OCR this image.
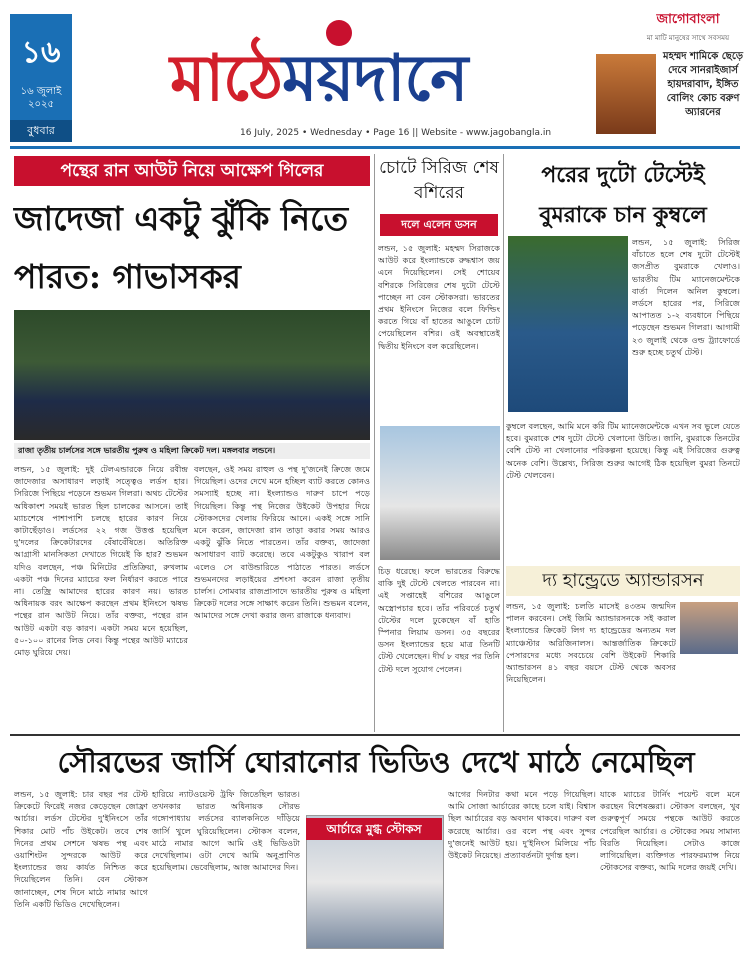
১৬
১৬ জুলাই ২০২৫
বুধবার
মাঠেময়দানে
16 July, 2025 • Wednesday • Page 16 || Website - www.jagobangla.in
জাগোবাংলা
মা মাটি মানুষের সাথে সবসময়
মহম্মদ শামিকে ছেড়ে দেবে সানরাইজার্স হায়দরাবাদ, ইঙ্গিত বোলিং কোচ বরুণ অ্যারনের
পন্থের রান আউট নিয়ে আক্ষেপ গিলের
জাদেজা একটু ঝুঁকি নিতে পারত: গাভাসকর
রাজা তৃতীয় চার্লসের সঙ্গে ভারতীয় পুরুষ ও মহিলা ক্রিকেট দল। মঙ্গলবার লন্ডনে।
লন্ডন, ১৫ জুলাই: দুই টেলএন্ডারকে নিয়ে রবীন্দ্র জাদেজার অসাধারণ লড়াই সত্ত্বেও লর্ডস হার। সিরিজে পিছিয়ে পড়েনে শুভমন গিলরা। অথচ টেস্টের অধিকাংশ সময়ই ভারত ছিল চালকের আসনে। তাই ম্যাচশেষে পাশাপাশি চলছে হারের কারণ নিয়ে কাটাছেঁড়াও। লর্ডসের ২২ গজ উত্তপ্ত হয়েছিল দু'দলের ক্রিকেটারদের বেঁষাবেঁষিতে। অতিরিক্ত আগ্রাসী মানসিকতা দেখাতে গিয়েই কি হার? শুভমন যদিও বলছেন, পঞ্চ মিনিটের প্রতিক্রিয়া, রুখলাম একটা পঞ্চ দিনের ম্যাচের ফল নির্ধারণ করতে পারে না। তেজ্রি আমাদের হারের কারণ নয়। ভারত অধিনায়ক বরং আক্ষেপ করছেন প্রথম ইনিংসে ঋষভ পন্থের রান আউট নিয়ে। তাঁর বক্তব্য, পন্থের রান আউট একটা বড় কারণ। একটা সময় মনে হয়েছিল, ৫০-১০০ রানের লিড নেব। কিন্তু পন্থের আউট ম্যাচের মোড় ঘুরিয়ে দেয়।
বলছেন, ওই সময় রাহুল ও পন্থ দু'জনেই ক্রিজে জমে গিয়েছিল। ওদের দেখে মনে হচ্ছিল ব্যাট করতে কোনও সমস্যাই হচ্ছে না। ইংল্যান্ডও দারুণ চাপে পড়ে গিয়েছিল। কিন্তু পন্থ নিজের উইকেট উপহার দিয়ে স্টোকসদের খেলায় ফিরিয়ে আনে। একই সঙ্গে সানি মনে করেন, জাদেজা রান তাড়া করার সময় আরও একটু ঝুঁকি নিতে পারতেন। তাঁর বক্তব্য, জাদেজা অসাধারণ ব্যাট করেছে। তবে একটুকুও খারাপ বল এলেও সে বাউন্ডারিতে পাঠাতে পারত। লর্ডসে শুভমনদের লড়াইয়ের প্রশংসা করেন রাজা তৃতীয় চার্লস। সোমবার রাজপ্রাসাদে ভারতীয় পুরুষ ও মহিলা ক্রিকেট দলের সঙ্গে সাক্ষাৎ করেন তিনি। শুভমন বলেন, আমাদের সঙ্গে দেখা করার জন্য রাজাকে ধন্যবাদ।
চোটে সিরিজ শেষ বশিরের
দলে এলেন ডসন
লন্ডন, ১৫ জুলাই: মহম্মদ সিরাজকে আউট করে ইংল্যান্ডকে রুদ্ধশ্বাস জয় এনে দিয়েছিলেন। সেই শোয়েব বশিরকে সিরিজের শেষ দুটো টেস্টে পাচ্ছেন না বেন স্টোকসরা। ভারতের প্রথম ইনিংসে নিজের বলে ফিল্ডিং করতে গিয়ে বাঁ হাতের আঙুলে চোট পেয়েছিলেন বশির। ওই অবস্থাতেই দ্বিতীয় ইনিংসে বল করেছিলেন।
চিড় ধরেছে। ফলে ভারতের বিরুদ্ধে বাকি দুই টেস্টে খেলতে পারবেন না। এই সপ্তাহেই বশিরের আঙুলে অস্ত্রোপচার হবে। তাঁর পরিবর্তে চতুর্থ টেস্টের দলে ঢুকেছেন বাঁ হাতি স্পিনার লিয়াম ডসন। ৩৫ বছরের ডসন ইংল্যান্ডের হয়ে মাত্র তিনটি টেস্ট খেলেছেন। দীর্ঘ ৮ বছর পর তিনি টেস্ট দলে সুযোগ পেলেন।
পরের দুটো টেস্টেই বুমরাকে চান কুম্বলে
লন্ডন, ১৫ জুলাই: সিরিজ বাঁচাতে হলে শেষ দুটো টেস্টেই জসপ্রীত বুমরাকে খেলাও। ভারতীয় টিম ম্যানেজমেন্টকে বার্তা দিলেন অনিল কুম্বলে। লর্ডসে হারের পর, সিরিজে আপাতত ১-২ ব্যবধানে পিছিয়ে পড়েছেন শুভমন গিলরা। আগামী ২৩ জুলাই থেকে ওল্ড ট্র্যাফোর্ডে শুরু হচ্ছে চতুর্থ টেস্ট।
কুম্বলে বলছেন, আমি মনে করি টিম ম্যানেজমেন্টকে এখন সব ভুলে যেতে হবে। বুমরাকে শেষ দুটো টেস্টে খেলানো উচিত। জানি, বুমরাকে তিনটের বেশি টেস্ট না খেলানোর পরিকল্পনা হয়েছে। কিন্তু এই সিরিজের গুরুত্ব অনেক বেশি। উল্লেখ্য, সিরিজ শুরুর আগেই ঠিক হয়েছিল বুমরা তিনটে টেস্ট খেলবেন।
দ্য হান্ড্রেডে অ্যান্ডারসন
লন্ডন, ১৫ জুলাই: চলতি মাসেই ৪৩তম জন্মদিন পালন করবেন। সেই জিমি অ্যান্ডারসনকে সই করাল ইংল্যান্ডের ক্রিকেট লিগ দ্য হান্ড্রেডের অন্যতম দল ম্যাঞ্চেস্টার অরিজিনালস। আন্তর্জাতিক ক্রিকেটে পেসারদের মধ্যে সবচেয়ে বেশি উইকেট শিকারি অ্যান্ডারসন ৪১ বছর বয়সে টেস্ট থেকে অবসর নিয়েছিলেন।
সৌরভের জার্সি ঘোরানোর ভিডিও দেখে মাঠে নেমেছিল
লন্ডন, ১৫ জুলাই: চার বছর পর টেস্ট ক্রিকেটে ফিরেই নজর কেড়েছেন জোফ্রা আর্চার। লর্ডস টেস্টের দু'ইনিংসে তাঁর শিকার মোট পাঁচ উইকেট। তবে শেষ দিনের প্রথম সেশনে ঋষভ পন্থ এবং ওয়াশিংটন সুন্দরকে আউট করে ইংল্যান্ডের জয় কার্যত নিশ্চিত করে দিয়েছিলেন তিনি। বেন স্টোকস জানাচ্ছেন, শেষ দিনে মাঠে নামার আগে তিনি একটি ভিডিও দেখেছিলেন।
হারিয়ে ন্যাটওয়েস্ট ট্রফি জিতেছিল ভারত। তখনকার ভারত অধিনায়ক সৌরভ গঙ্গোপাধ্যায় লর্ডসের ব্যালকনিতে দাঁড়িয়ে জার্সি খুলে ঘুরিয়েছিলেন। স্টোকস বলেন, মাঠে নামার আগে আমি ওই ভিডিওটা দেখেছিলাম। ওটা দেখে আমি অনুপ্রাণিত হয়েছিলাম। ভেবেছিলাম, আজ আমাদের দিন।
আর্চারে মুগ্ধ স্টোকস
আগের দিনটার কথা মনে পড়ে গিয়েছিল। আমি সোজা আর্চারের কাছে চলে যাই। বিশ্বাস ছিল আর্চারের বড় অবদান থাকবে। দারুণ বল করেছে আর্চার। ওর বলে পন্থ এবং সুন্দর দু'জনেই আউট হয়। দু'ইনিংস মিলিয়ে পাঁচ উইকেট নিয়েছে। প্রত্যাবর্তনটা দুর্দান্ত হল।
যাকে ম্যাচের টার্নিং পয়েন্ট বলে মনে করছেন বিশেষজ্ঞরা। স্টোকস বলছেন, খুব গুরুত্বপূর্ণ সময়ে পন্থকে আউট করতে পেরেছিল আর্চার। ও স্টোকের সময় সামান্য বিরতি দিয়েছিল। সেটাও কাজে লাগিয়েছিল। ব্যক্তিগত পারফরম্যান্স নিয়ে স্টোকসের বক্তব্য, আমি দলের জয়ই দেখি।
